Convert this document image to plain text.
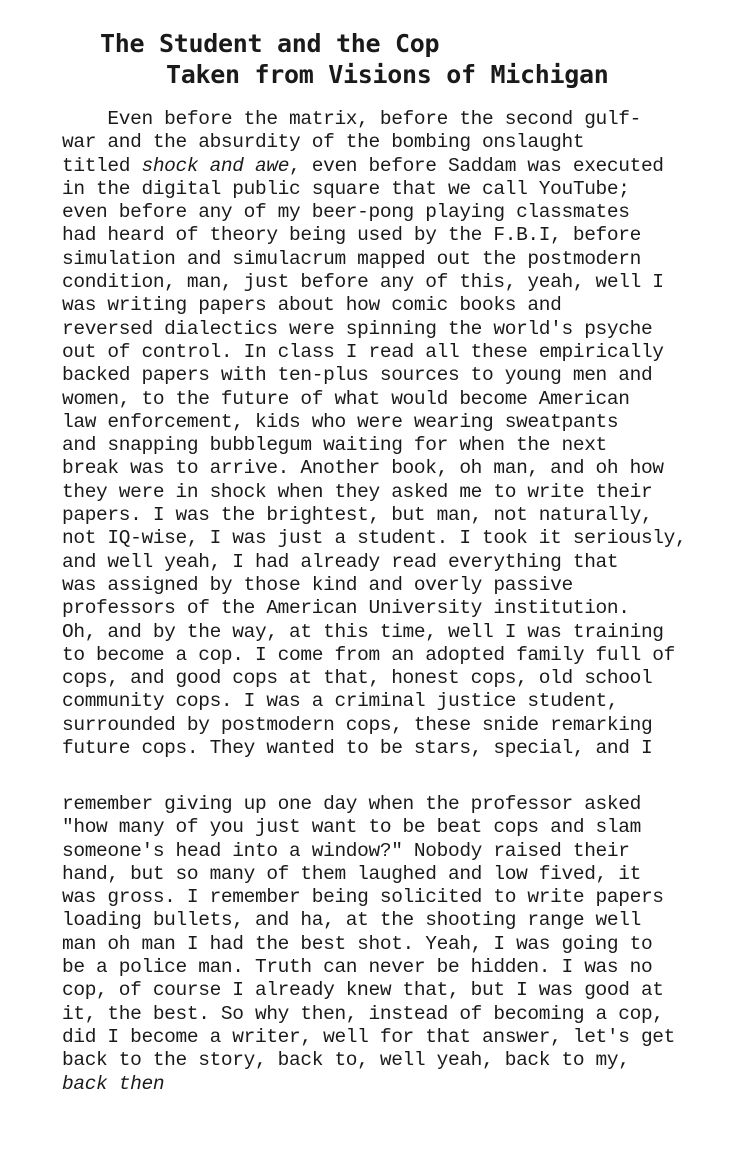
The Student and the Cop
Taken from Visions of Michigan
Even before the matrix, before the second gulf-
war and the absurdity of the bombing onslaught
titled shock and awe, even before Saddam was executed
in the digital public square that we call YouTube;
even before any of my beer-pong playing classmates
had heard of theory being used by the F.B.I, before
simulation and simulacrum mapped out the postmodern
condition, man, just before any of this, yeah, well I
was writing papers about how comic books and
reversed dialectics were spinning the world's psyche
out of control. In class I read all these empirically
backed papers with ten-plus sources to young men and
women, to the future of what would become American
law enforcement, kids who were wearing sweatpants
and snapping bubblegum waiting for when the next
break was to arrive. Another book, oh man, and oh how
they were in shock when they asked me to write their
papers. I was the brightest, but man, not naturally,
not IQ-wise, I was just a student. I took it seriously,
and well yeah, I had already read everything that
was assigned by those kind and overly passive
professors of the American University institution.
Oh, and by the way, at this time, well I was training
to become a cop. I come from an adopted family full of
cops, and good cops at that, honest cops, old school
community cops. I was a criminal justice student,
surrounded by postmodern cops, these snide remarking
future cops. They wanted to be stars, special, and I
remember giving up one day when the professor asked
"how many of you just want to be beat cops and slam
someone's head into a window?" Nobody raised their
hand, but so many of them laughed and low fived, it
was gross. I remember being solicited to write papers
loading bullets, and ha, at the shooting range well
man oh man I had the best shot. Yeah, I was going to
be a police man. Truth can never be hidden. I was no
cop, of course I already knew that, but I was good at
it, the best. So why then, instead of becoming a cop,
did I become a writer, well for that answer, let's get
back to the story, back to, well yeah, back to my,
back then
